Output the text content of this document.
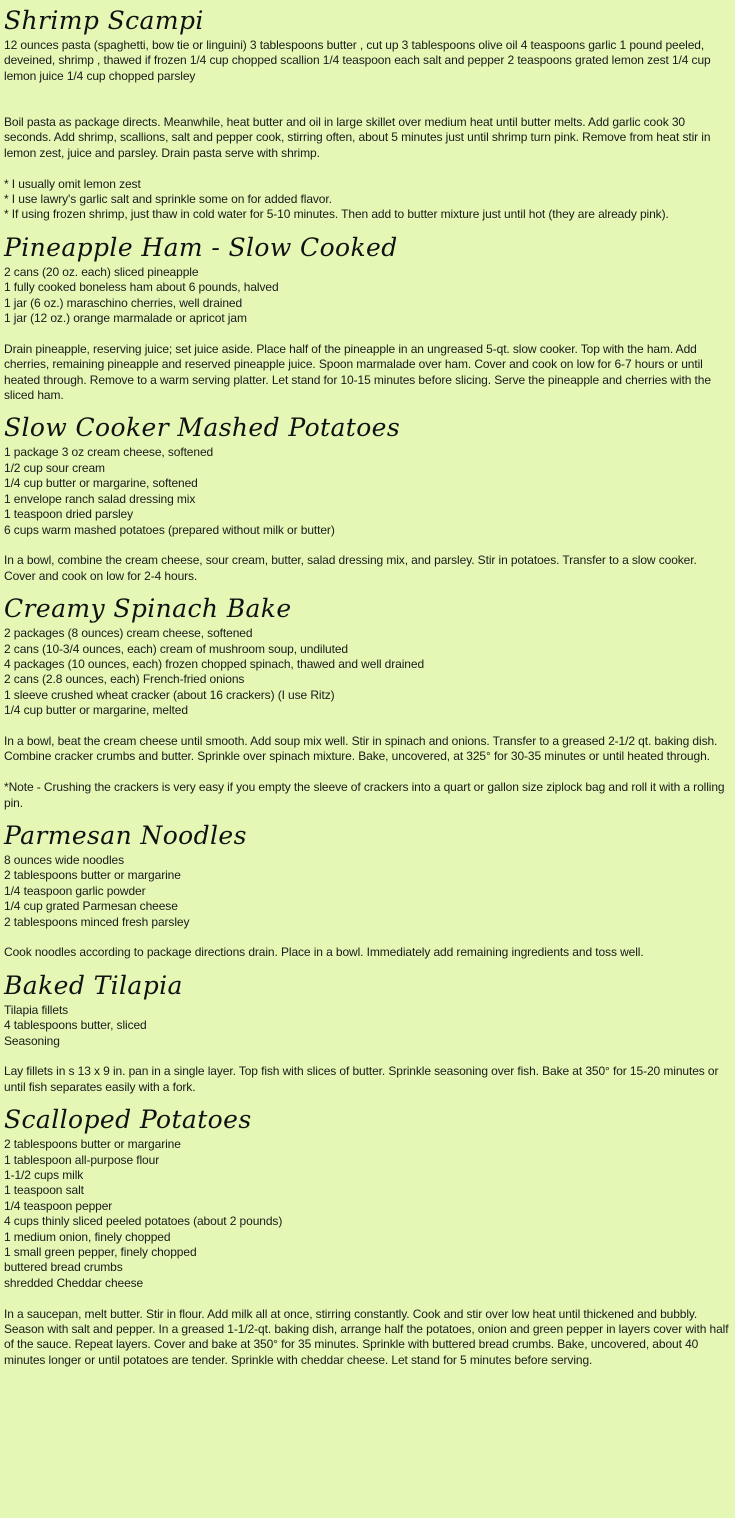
Shrimp Scampi

12 ounces pasta (spaghetti, bow tie or linguini) 3 tablespoons butter , cut up 3 tablespoons olive oil 4 teaspoons garlic 1 pound peeled, deveined, shrimp , thawed if frozen 1/4 cup chopped scallion 1/4 teaspoon each salt and pepper 2 teaspoons grated lemon zest 1/4 cup lemon juice 1/4 cup chopped parsley

Boil pasta as package directs. Meanwhile, heat butter and oil in large skillet over medium heat until butter melts. Add garlic cook 30 seconds. Add shrimp, scallions, salt and pepper cook, stirring often, about 5 minutes just until shrimp turn pink. Remove from heat stir in lemon zest, juice and parsley. Drain pasta serve with shrimp.

* I usually omit lemon zest

* I use lawry's garlic salt and sprinkle some on for added flavor.

* If using frozen shrimp, just thaw in cold water for 5-10 minutes. Then add to butter mixture just until hot (they are already pink).

Pineapple Ham - Slow Cooked

2 cans (20 oz. each) sliced pineapple

1 fully cooked boneless ham about 6 pounds, halved

1 jar (6 oz.) maraschino cherries, well drained

1 jar (12 oz.) orange marmalade or apricot jam

Drain pineapple, reserving juice; set juice aside. Place half of the pineapple in an ungreased 5-qt. slow cooker. Top with the ham. Add cherries, remaining pineapple and reserved pineapple juice. Spoon marmalade over ham. Cover and cook on low for 6-7 hours or until heated through. Remove to a warm serving platter. Let stand for 10-15 minutes before slicing. Serve the pineapple and cherries with the sliced ham.

Slow Cooker Mashed Potatoes

1 package 3 oz cream cheese, softened

1/2 cup sour cream

1/4 cup butter or margarine, softened

1 envelope ranch salad dressing mix

1 teaspoon dried parsley

6 cups warm mashed potatoes (prepared without milk or butter)

In a bowl, combine the cream cheese, sour cream, butter, salad dressing mix, and parsley. Stir in potatoes. Transfer to a slow cooker. Cover and cook on low for 2-4 hours.

Creamy Spinach Bake

2 packages (8 ounces) cream cheese, softened

2 cans (10-3/4 ounces, each) cream of mushroom soup, undiluted

4 packages (10 ounces, each) frozen chopped spinach, thawed and well drained

2 cans (2.8 ounces, each) French-fried onions

1 sleeve crushed wheat cracker (about 16 crackers) (I use Ritz)

1/4 cup butter or margarine, melted

In a bowl, beat the cream cheese until smooth. Add soup mix well. Stir in spinach and onions. Transfer to a greased 2-1/2 qt. baking dish. Combine cracker crumbs and butter. Sprinkle over spinach mixture. Bake, uncovered, at 325° for 30-35 minutes or until heated through.

*Note - Crushing the crackers is very easy if you empty the sleeve of crackers into a quart or gallon size ziplock bag and roll it with a rolling pin.

Parmesan Noodles

8 ounces wide noodles

2 tablespoons butter or margarine

1/4 teaspoon garlic powder

1/4 cup grated Parmesan cheese

2 tablespoons minced fresh parsley

Cook noodles according to package directions drain. Place in a bowl. Immediately add remaining ingredients and toss well.

Baked Tilapia

Tilapia fillets

4 tablespoons butter, sliced

Seasoning

Lay fillets in s 13 x 9 in. pan in a single layer. Top fish with slices of butter. Sprinkle seasoning over fish. Bake at 350° for 15-20 minutes or until fish separates easily with a fork.

Scalloped Potatoes

2 tablespoons butter or margarine

1 tablespoon all-purpose flour

1-1/2 cups milk

1 teaspoon salt

1/4 teaspoon pepper

4 cups thinly sliced peeled potatoes (about 2 pounds)

1 medium onion, finely chopped

1 small green pepper, finely chopped

buttered bread crumbs

shredded Cheddar cheese

In a saucepan, melt butter. Stir in flour. Add milk all at once, stirring constantly. Cook and stir over low heat until thickened and bubbly. Season with salt and pepper. In a greased 1-1/2-qt. baking dish, arrange half the potatoes, onion and green pepper in layers cover with half of the sauce. Repeat layers. Cover and bake at 350° for 35 minutes. Sprinkle with buttered bread crumbs. Bake, uncovered, about 40 minutes longer or until potatoes are tender. Sprinkle with cheddar cheese. Let stand for 5 minutes before serving.
